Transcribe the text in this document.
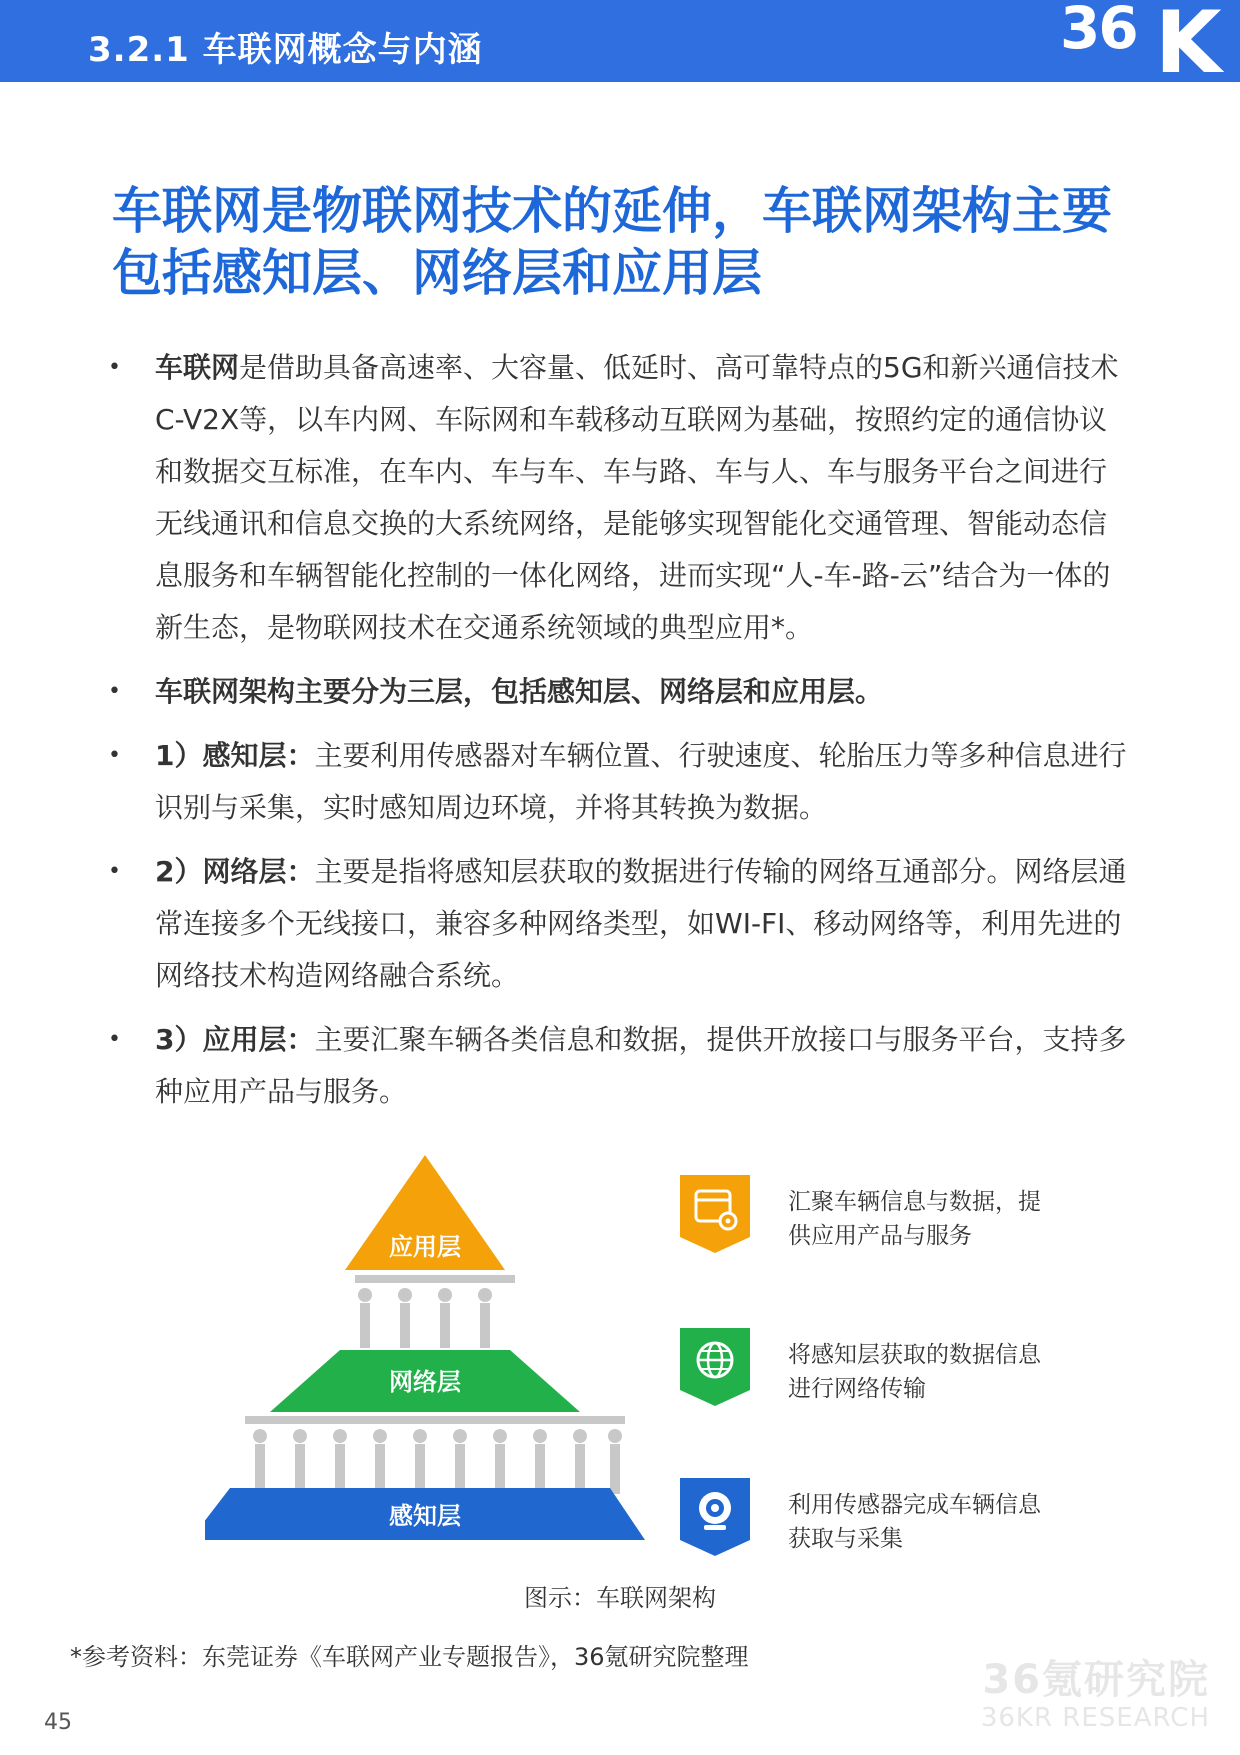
3.2.1 车联网概念与内涵	36 K
车联网是物联网技术的延伸，车联网架构主要
包括感知层、网络层和应用层
• 车联网是借助具备高速率、大容量、低延时、高可靠特点的5G和新兴通信技术C-V2X等，以车内网、车际网和车载移动互联网为基础，按照约定的通信协议和数据交互标准，在车内、车与车、车与路、车与人、车与服务平台之间进行无线通讯和信息交换的大系统网络，是能够实现智能化交通管理、智能动态信息服务和车辆智能化控制的一体化网络，进而实现“人-车-路-云”结合为一体的新生态，是物联网技术在交通系统领域的典型应用*。
• 车联网架构主要分为三层，包括感知层、网络层和应用层。
• 1）感知层：主要利用传感器对车辆位置、行驶速度、轮胎压力等多种信息进行识别与采集，实时感知周边环境，并将其转换为数据。
• 2）网络层：主要是指将感知层获取的数据进行传输的网络互通部分。网络层通常连接多个无线接口，兼容多种网络类型，如WI-FI、移动网络等，利用先进的网络技术构造网络融合系统。
• 3）应用层：主要汇聚车辆各类信息和数据，提供开放接口与服务平台，支持多种应用产品与服务。
应用层
网络层
感知层
汇聚车辆信息与数据，提
供应用产品与服务
将感知层获取的数据信息
进行网络传输
利用传感器完成车辆信息
获取与采集
图示：车联网架构
*参考资料：东莞证券《车联网产业专题报告》，36氪研究院整理	36氪研究院
36KR RESEARCH
45
